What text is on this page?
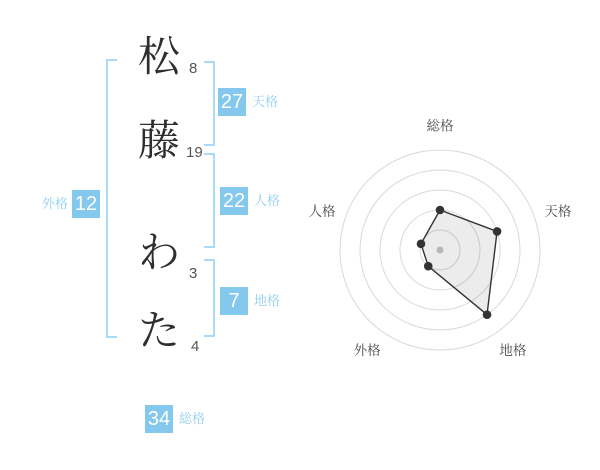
松
藤
わ
た
8
19
3
4
27 天格
22 人格
7	地格
外格 12
34 総格
総格
天格
地格
外格
人格
